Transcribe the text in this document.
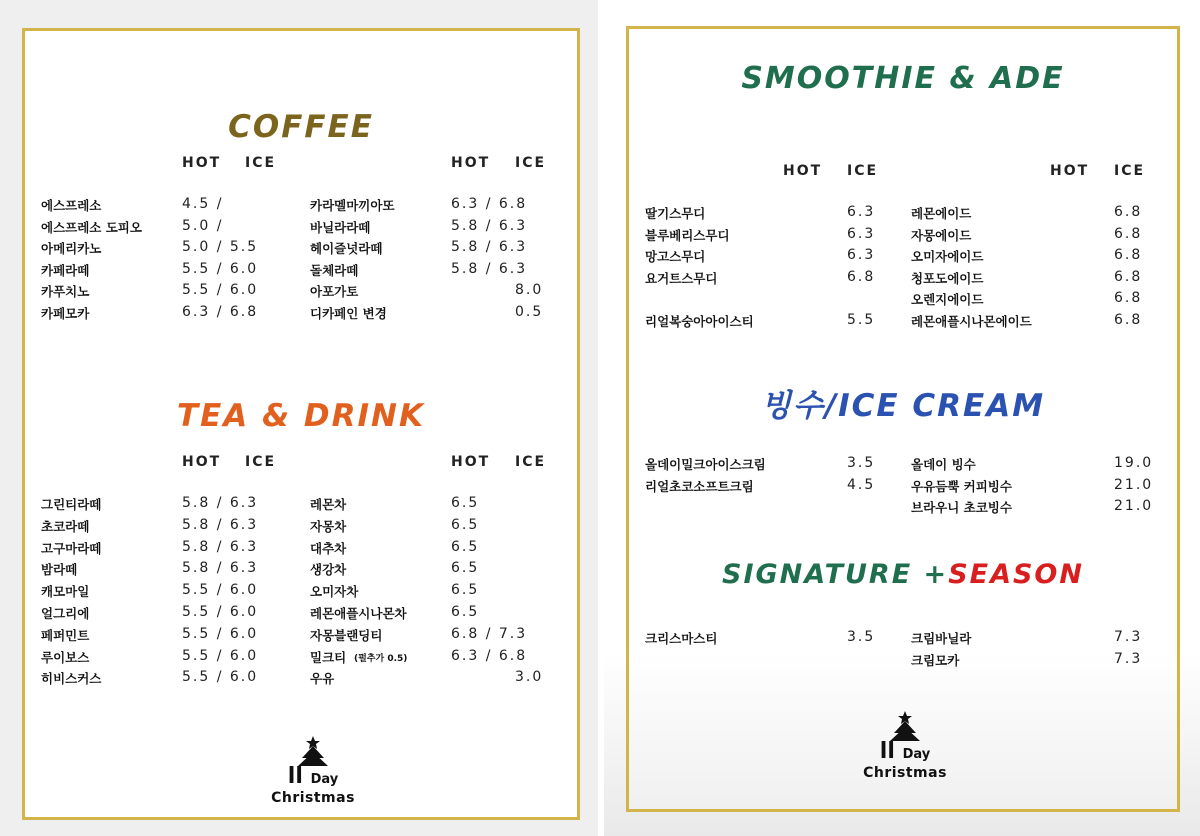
COFFEE
HOT ICE	HOT ICE
에스프레소	4.5 /
에스프레소 도피오	5.0 /
아메리카노	5.0 / 5.5
카페라떼	5.5 / 6.0
카푸치노	5.5 / 6.0
카페모카	6.3 / 6.8
카라멜마끼아또	6.3 / 6.8
바닐라라떼	5.8 / 6.3
헤이즐넛라떼	5.8 / 6.3
돌체라떼	5.8 / 6.3
아포가토	8.0
디카페인 변경	0.5
TEA & DRINK
HOT ICE	HOT ICE
그린티라떼	5.8 / 6.3
초코라떼	5.8 / 6.3
고구마라떼	5.8 / 6.3
밤라떼	5.8 / 6.3
캐모마일	5.5 / 6.0
얼그리에	5.5 / 6.0
페퍼민트	5.5 / 6.0
루이보스	5.5 / 6.0
히비스커스	5.5 / 6.0
레몬차	6.5
자몽차	6.5
대추차	6.5
생강차	6.5
오미자차	6.5
레몬애플시나몬차	6.5
자몽블랜딩티	6.8 / 7.3
밀크티 (펄추가 0.5)	6.3 / 6.8
우유	3.0
ll Day
Christmas
SMOOTHIE & ADE
HOT ICE	HOT ICE
딸기스무디	6.3
블루베리스무디	6.3
망고스무디	6.3
요거트스무디	6.8
리얼복숭아아이스티	5.5
레몬에이드	6.8
자몽에이드	6.8
오미자에이드	6.8
청포도에이드	6.8
오렌지에이드	6.8
레몬애플시나몬에이드	6.8
빙수/ICE CREAM
올데이밀크아이스크림	3.5
리얼초코소프트크림	4.5
올데이 빙수	19.0
우유듬뿍 커피빙수	21.0
브라우니 초코빙수	21.0
SIGNATURE +SEASON
크리스마스티	3.5	크림바닐라	7.3
크림모카	7.3
ll Day
Christmas
